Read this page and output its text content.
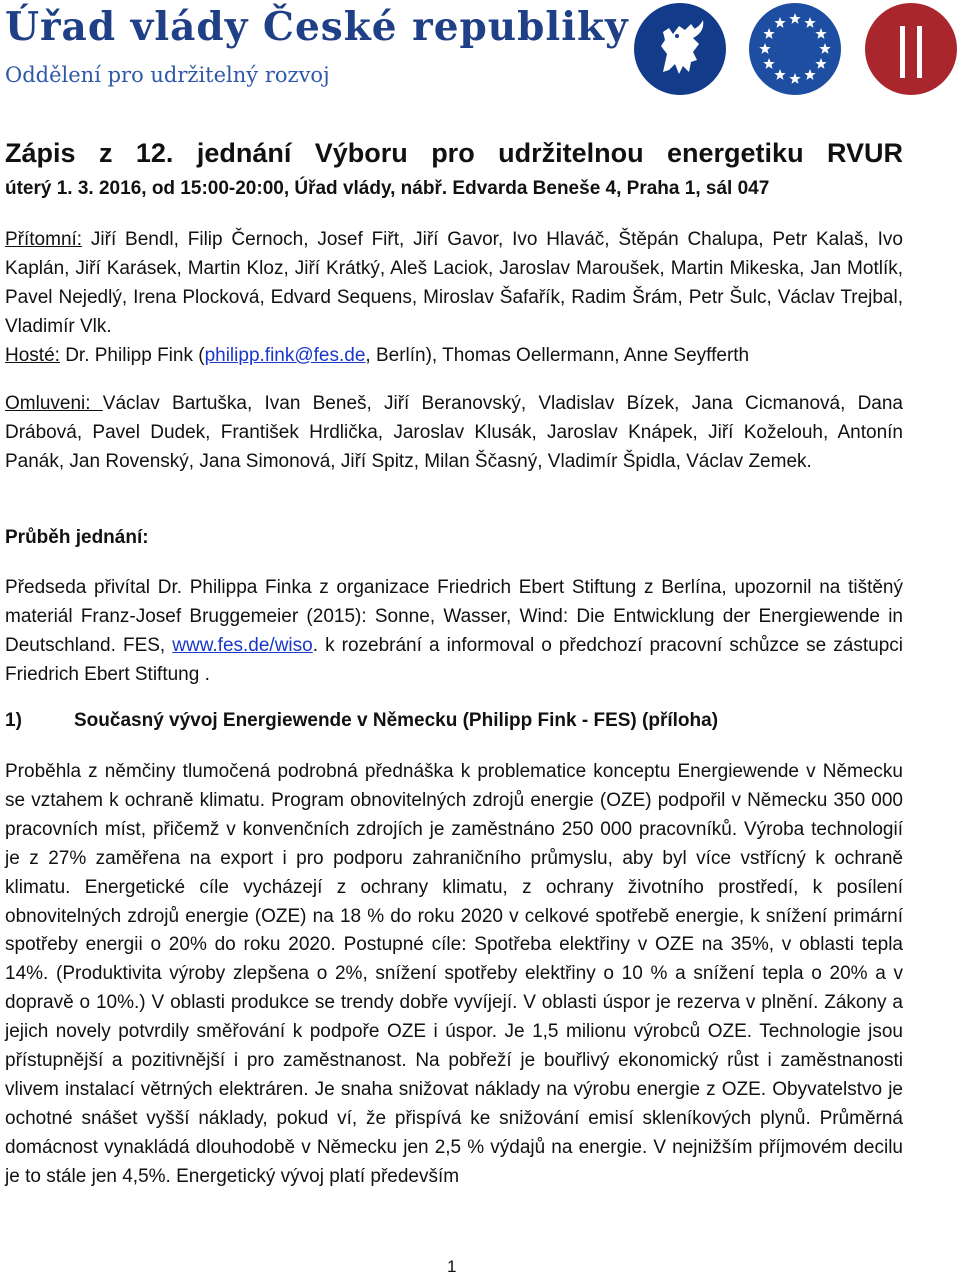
Úřad vlády České republiky
Oddělení pro udržitelný rozvoj
Zápis z 12. jednání Výboru pro udržitelnou energetiku RVUR
úterý 1. 3. 2016, od 15:00-20:00, Úřad vlády, nábř. Edvarda Beneše 4, Praha 1, sál 047
Přítomní: Jiří Bendl, Filip Černoch, Josef Fiřt, Jiří Gavor, Ivo Hlaváč, Štěpán Chalupa, Petr Kalaš, Ivo Kaplán, Jiří Karásek, Martin Kloz, Jiří Krátký, Aleš Laciok, Jaroslav Maroušek, Martin Mikeska, Jan Motlík, Pavel Nejedlý, Irena Plocková, Edvard Sequens, Miroslav Šafařík, Radim Šrám, Petr Šulc, Václav Trejbal, Vladimír Vlk.
Hosté: Dr. Philipp Fink (philipp.fink@fes.de, Berlín), Thomas Oellermann, Anne Seyfferth
Omluveni: Václav Bartuška, Ivan Beneš, Jiří Beranovský, Vladislav Bízek, Jana Cicmanová, Dana Drábová, Pavel Dudek, František Hrdlička, Jaroslav Klusák, Jaroslav Knápek, Jiří Koželouh, Antonín Panák, Jan Rovenský, Jana Simonová, Jiří Spitz, Milan Ščasný, Vladimír Špidla, Václav Zemek.
Průběh jednání:
Předseda přivítal Dr. Philippa Finka z organizace Friedrich Ebert Stiftung z Berlína, upozornil na tištěný materiál Franz-Josef Bruggemeier (2015): Sonne, Wasser, Wind: Die Entwicklung der Energiewende in Deutschland. FES, www.fes.de/wiso. k rozebrání a informoval o předchozí pracovní schůzce se zástupci Friedrich Ebert Stiftung .
1)	Současný vývoj Energiewende v Německu (Philipp Fink - FES) (příloha)
Proběhla z němčiny tlumočená podrobná přednáška k problematice konceptu Energiewende v Německu se vztahem k ochraně klimatu. Program obnovitelných zdrojů energie (OZE) podpořil v Německu 350 000 pracovních míst, přičemž v konvenčních zdrojích je zaměstnáno 250 000 pracovníků. Výroba technologií je z 27% zaměřena na export i pro podporu zahraničního průmyslu, aby byl více vstřícný k ochraně klimatu. Energetické cíle vycházejí z ochrany klimatu, z ochrany životního prostředí, k posílení obnovitelných zdrojů energie (OZE) na 18 % do roku 2020 v celkové spotřebě energie, k snížení primární spotřeby energii o 20% do roku 2020. Postupné cíle: Spotřeba elektřiny v OZE na 35%, v oblasti tepla 14%. (Produktivita výroby zlepšena o 2%, snížení spotřeby elektřiny o 10 % a snížení tepla o 20% a v dopravě o 10%.) V oblasti produkce se trendy dobře vyvíjejí. V oblasti úspor je rezerva v plnění. Zákony a jejich novely potvrdily směřování k podpoře OZE i úspor. Je 1,5 milionu výrobců OZE. Technologie jsou přístupnější a pozitivnější i pro zaměstnanost. Na pobřeží je bouřlivý ekonomický růst i zaměstnanosti vlivem instalací větrných elektráren. Je snaha snižovat náklady na výrobu energie z OZE. Obyvatelstvo je ochotné snášet vyšší náklady, pokud ví, že přispívá ke snižování emisí skleníkových plynů. Průměrná domácnost vynakládá dlouhodobě v Německu jen 2,5 % výdajů na energie. V nejnižším příjmovém decilu je to stále jen 4,5%. Energetický vývoj platí především
1
